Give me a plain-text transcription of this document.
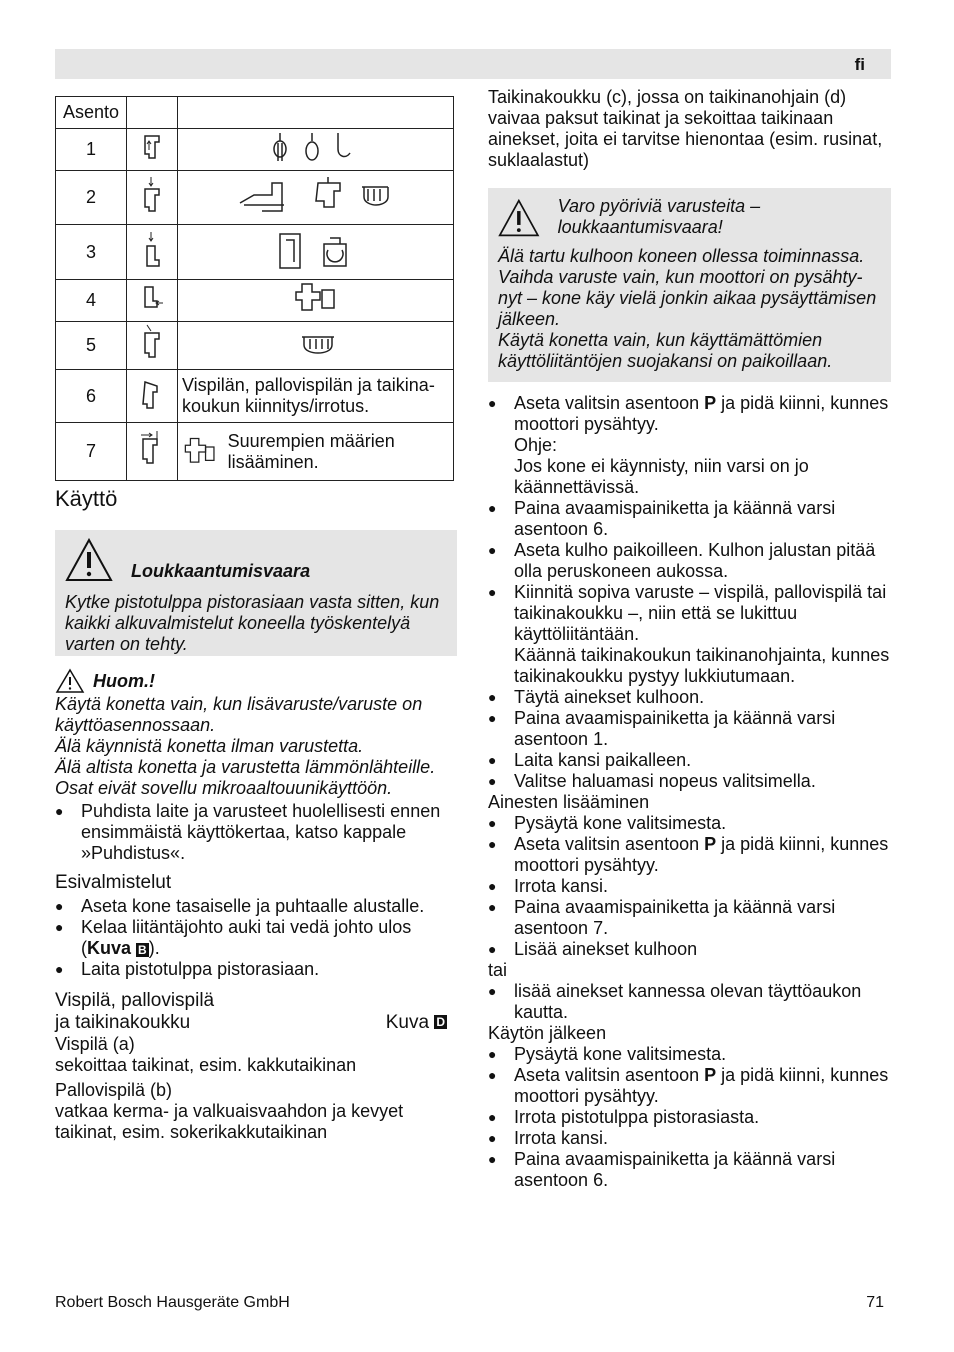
fi
Asento		
1		
2		
3		
4		
5		
6		Vispilän, pallovispilän ja taikina-koukun kiinnitys/irrotus.
7		Suurempien määrien lisääminen.

Käyttö

Loukkaantumisvaara

Kytke pistotulppa pistorasiaan vasta sitten, kun kaikki alkuvalmistelut koneella työskentelyä varten on tehty.

Huom.!

Käytä konetta vain, kun lisävaruste/varuste on käyttöasennossaan.

Älä käynnistä konetta ilman varustetta.

Älä altista konetta ja varustetta lämmönlähteille. Osat eivät sovellu mikroaaltouunikäyttöön.

● Puhdista laite ja varusteet huolellisesti ennen ensimmäistä käyttökertaa, katso kappale »Puhdistus«.

Esivalmistelut

● Aseta kone tasaiselle ja puhtaalle alustalle.
● Kelaa liitäntäjohto auki tai vedä johto ulos (Kuva B ).
● Laita pistotulppa pistorasiaan.

Vispilä, pallovispilä

ja taikinakoukku	Kuva D

Vispilä (a)

sekoittaa taikinat, esim. kakkutaikinan

Pallovispilä (b)

vatkaa kerma- ja valkuaisvaahdon ja kevyet taikinat, esim. sokerikakkutaikinan

Taikinakoukku (c), jossa on taikinanohjain (d)

vaivaa paksut taikinat ja sekoittaa taikinaan ainekset, joita ei tarvitse hienontaa (esim. rusinat, suklaalastut)

Varo pyöriviä varusteita – loukkaantumisvaara!

Älä tartu kulhoon koneen ollessa toiminnassa.

Vaihda varuste vain, kun moottori on pysähty-nyt – kone käy vielä jonkin aikaa pysäyttämisen jälkeen.

Käytä konetta vain, kun käyttämättömien käyttöliitäntöjen suojakansi on paikoillaan.

● Aseta valitsin asentoon P ja pidä kiinni, kunnes moottori pysähtyy.
Ohje:
Jos kone ei käynnisty, niin varsi on jo käännettävissä.
● Paina avaamispainiketta ja käännä varsi asentoon 6.
● Aseta kulho paikoilleen. Kulhon jalustan pitää olla peruskoneen aukossa.
● Kiinnitä sopiva varuste – vispilä, pallovispilä tai taikinakoukku –, niin että se lukittuu käyttöliitäntään.
Käännä taikinakoukun taikinanohjainta, kunnes taikinakoukku pystyy lukkiutumaan.
● Täytä ainekset kulhoon.
● Paina avaamispainiketta ja käännä varsi asentoon 1.
● Laita kansi paikalleen.
● Valitse haluamasi nopeus valitsimella.

Ainesten lisääminen

● Pysäytä kone valitsimesta.
● Aseta valitsin asentoon P ja pidä kiinni, kunnes moottori pysähtyy.
● Irrota kansi.
● Paina avaamispainiketta ja käännä varsi asentoon 7.
● Lisää ainekset kulhoon

tai

● lisää ainekset kannessa olevan täyttöaukon kautta.

Käytön jälkeen

● Pysäytä kone valitsimesta.
● Aseta valitsin asentoon P ja pidä kiinni, kunnes moottori pysähtyy.
● Irrota pistotulppa pistorasiasta.
● Irrota kansi.
● Paina avaamispainiketta ja käännä varsi asentoon 6.
Robert Bosch Hausgeräte GmbH	71
